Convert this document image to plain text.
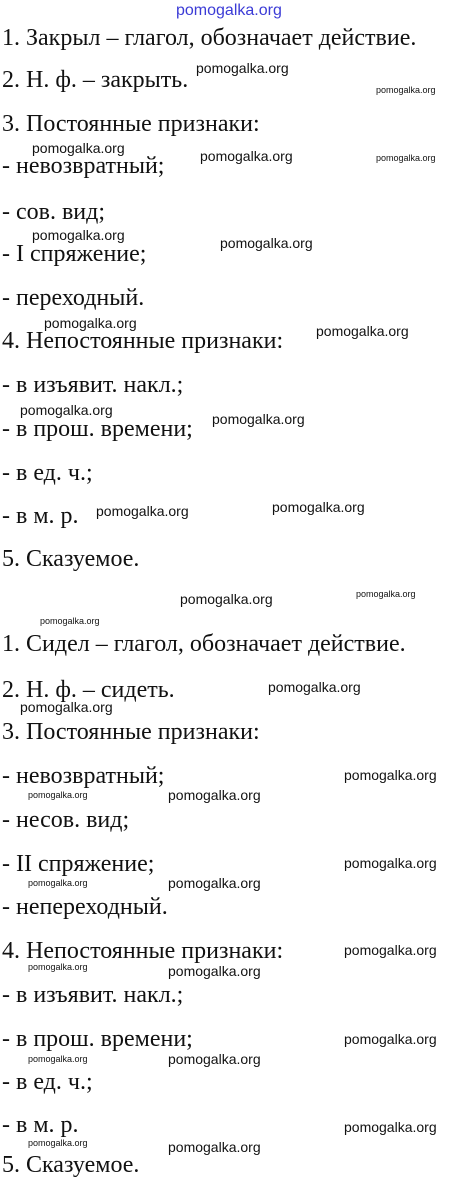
pomogalka.org
1. Закрыл – глагол, обозначает действие.
2. Н. ф. – закрыть.
3. Постоянные признаки:
- невозвратный;
- сов. вид;
- I спряжение;
- переходный.
4. Непостоянные признаки:
- в изъявит. накл.;
- в прош. времени;
- в ед. ч.;
- в м. р.
5. Сказуемое.
1. Сидел – глагол, обозначает действие.
2. Н. ф. – сидеть.
3. Постоянные признаки:
- невозвратный;
- несов. вид;
- II спряжение;
- непереходный.
4. Непостоянные признаки:
- в изъявит. накл.;
- в прош. времени;
- в ед. ч.;
- в м. р.
5. Сказуемое.
pomogalka.org
pomogalka.org
pomogalka.org	pomogalka.org	pomogalka.org
pomogalka.org	pomogalka.org
pomogalka.org	pomogalka.org
pomogalka.org
pomogalka.org
pomogalka.org	pomogalka.org
pomogalka.org	pomogalka.org
pomogalka.org
pomogalka.org
pomogalka.org
pomogalka.org
pomogalka.org	pomogalka.org
pomogalka.org
pomogalka.org	pomogalka.org
pomogalka.org
pomogalka.org	pomogalka.org
pomogalka.org
pomogalka.org	pomogalka.org
pomogalka.org
pomogalka.org	pomogalka.org
